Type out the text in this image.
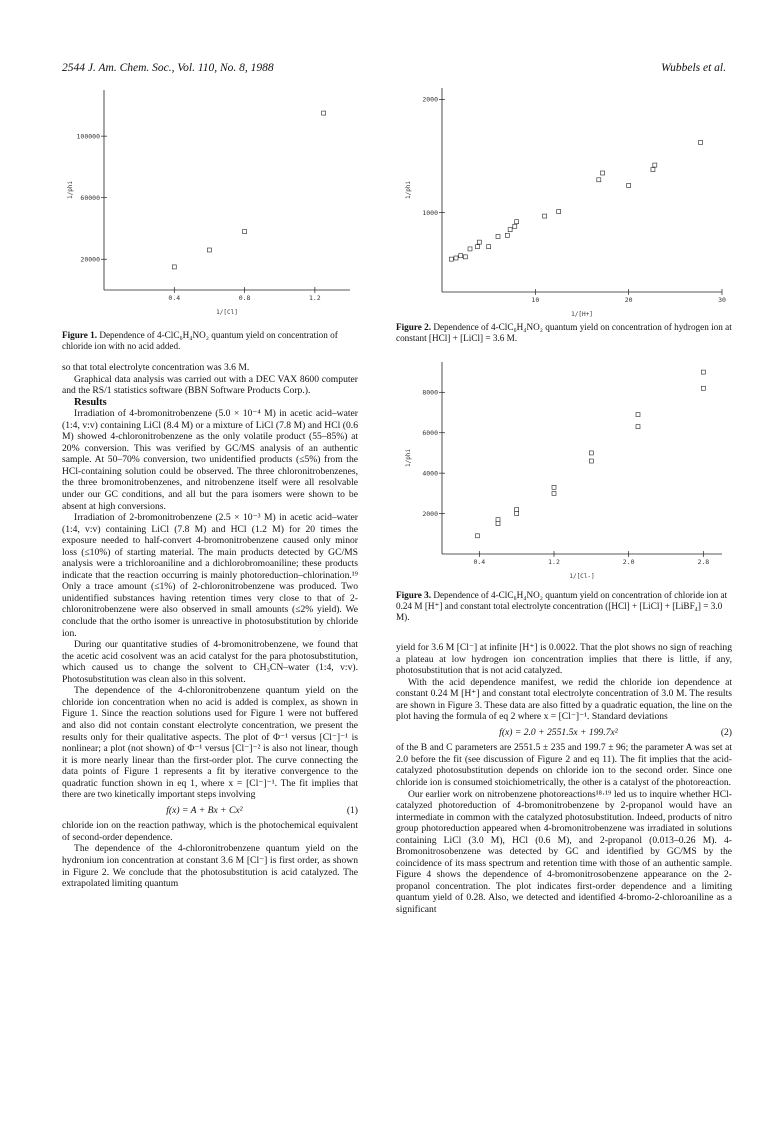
2544 J. Am. Chem. Soc., Vol. 110, No. 8, 1988	Wubbels et al.
0.4	0.8	1.2
20000
60000
100000
1/[Cl]
1/phi
Figure 1. Dependence of 4-ClC₆H₄NO₂ quantum yield on concentration of chloride ion with no acid added.
10	20	30
1000
2000
1/[H+]
1/phi
Figure 2. Dependence of 4-ClC₆H₄NO₂ quantum yield on concentration of hydrogen ion at constant [HCl] + [LiCl] = 3.6 M.
0.4	1.2	2.0	2.8
2000
4000
6000
8000
1/[Cl-]
1/phi
Figure 3. Dependence of 4-ClC₆H₄NO₂ quantum yield on concentration of chloride ion at 0.24 M [H⁺] and constant total electrolyte concentration ([HCl] + [LiCl] + [LiBF₄] = 3.0 M).

so that total electrolyte concentration was 3.6 M.

Graphical data analysis was carried out with a DEC VAX 8600 computer and the RS/1 statistics software (BBN Software Products Corp.).

Results

Irradiation of 4-bromonitrobenzene (5.0 × 10⁻⁴ M) in acetic acid–water (1:4, v:v) containing LiCl (8.4 M) or a mixture of LiCl (7.8 M) and HCl (0.6 M) showed 4-chloronitrobenzene as the only volatile product (55–85%) at 20% conversion. This was verified by GC/MS analysis of an authentic sample. At 50–70% conversion, two unidentified products (≤5%) from the HCl-containing solution could be observed. The three chloronitrobenzenes, the three bromonitrobenzenes, and nitrobenzene itself were all resolvable under our GC conditions, and all but the para isomers were shown to be absent at high conversions.

Irradiation of 2-bromonitrobenzene (2.5 × 10⁻³ M) in acetic acid–water (1:4, v:v) containing LiCl (7.8 M) and HCl (1.2 M) for 20 times the exposure needed to half-convert 4-bromonitrobenzene caused only minor loss (≤10%) of starting material. The main products detected by GC/MS analysis were a trichloroaniline and a dichlorobromoaniline; these products indicate that the reaction occurring is mainly photoreduction–chlorination.¹⁹ Only a trace amount (≤1%) of 2-chloronitrobenzene was produced. Two unidentified substances having retention times very close to that of 2-chloronitrobenzene were also observed in small amounts (≤2% yield). We conclude that the ortho isomer is unreactive in photosubstitution by chloride ion.

During our quantitative studies of 4-bromonitrobenzene, we found that the acetic acid cosolvent was an acid catalyst for the para photosubstitution, which caused us to change the solvent to CH₃CN–water (1:4, v:v). Photosubstitution was clean also in this solvent.

The dependence of the 4-chloronitrobenzene quantum yield on the chloride ion concentration when no acid is added is complex, as shown in Figure 1. Since the reaction solutions used for Figure 1 were not buffered and also did not contain constant electrolyte concentration, we present the results only for their qualitative aspects. The plot of Φ⁻¹ versus [Cl⁻]⁻¹ is nonlinear; a plot (not shown) of Φ⁻¹ versus [Cl⁻]⁻² is also not linear, though it is more nearly linear than the first-order plot. The curve connecting the data points of Figure 1 represents a fit by iterative convergence to the quadratic function shown in eq 1, where x = [Cl⁻]⁻¹. The fit implies that there are two kinetically important steps involving

f(x) = A + Bx + Cx²	(1)

chloride ion on the reaction pathway, which is the photochemical equivalent of second-order dependence.

The dependence of the 4-chloronitrobenzene quantum yield on the hydronium ion concentration at constant 3.6 M [Cl⁻] is first order, as shown in Figure 2. We conclude that the photosubstitution is acid catalyzed. The extrapolated limiting quantum

yield for 3.6 M [Cl⁻] at infinite [H⁺] is 0.0022. That the plot shows no sign of reaching a plateau at low hydrogen ion concentration implies that there is little, if any, photosubstitution that is not acid catalyzed.

With the acid dependence manifest, we redid the chloride ion dependence at constant 0.24 M [H⁺] and constant total electrolyte concentration of 3.0 M. The results are shown in Figure 3. These data are also fitted by a quadratic equation, the line on the plot having the formula of eq 2 where x = [Cl⁻]⁻¹. Standard deviations

f(x) = 2.0 + 2551.5x + 199.7x²	(2)

of the B and C parameters are 2551.5 ± 235 and 199.7 ± 96; the parameter A was set at 2.0 before the fit (see discussion of Figure 2 and eq 11). The fit implies that the acid-catalyzed photosubstitution depends on chloride ion to the second order. Since one chloride ion is consumed stoichiometrically, the other is a catalyst of the photoreaction.

Our earlier work on nitrobenzene photoreactions¹⁸·¹⁹ led us to inquire whether HCl-catalyzed photoreduction of 4-bromonitrobenzene by 2-propanol would have an intermediate in common with the catalyzed photosubstitution. Indeed, products of nitro group photoreduction appeared when 4-bromonitrobenzene was irradiated in solutions containing LiCl (3.0 M), HCl (0.6 M), and 2-propanol (0.013–0.26 M). 4-Bromonitrosobenzene was detected by GC and identified by GC/MS by the coincidence of its mass spectrum and retention time with those of an authentic sample. Figure 4 shows the dependence of 4-bromonitrosobenzene appearance on the 2-propanol concentration. The plot indicates first-order dependence and a limiting quantum yield of 0.28. Also, we detected and identified 4-bromo-2-chloroaniline as a significant
